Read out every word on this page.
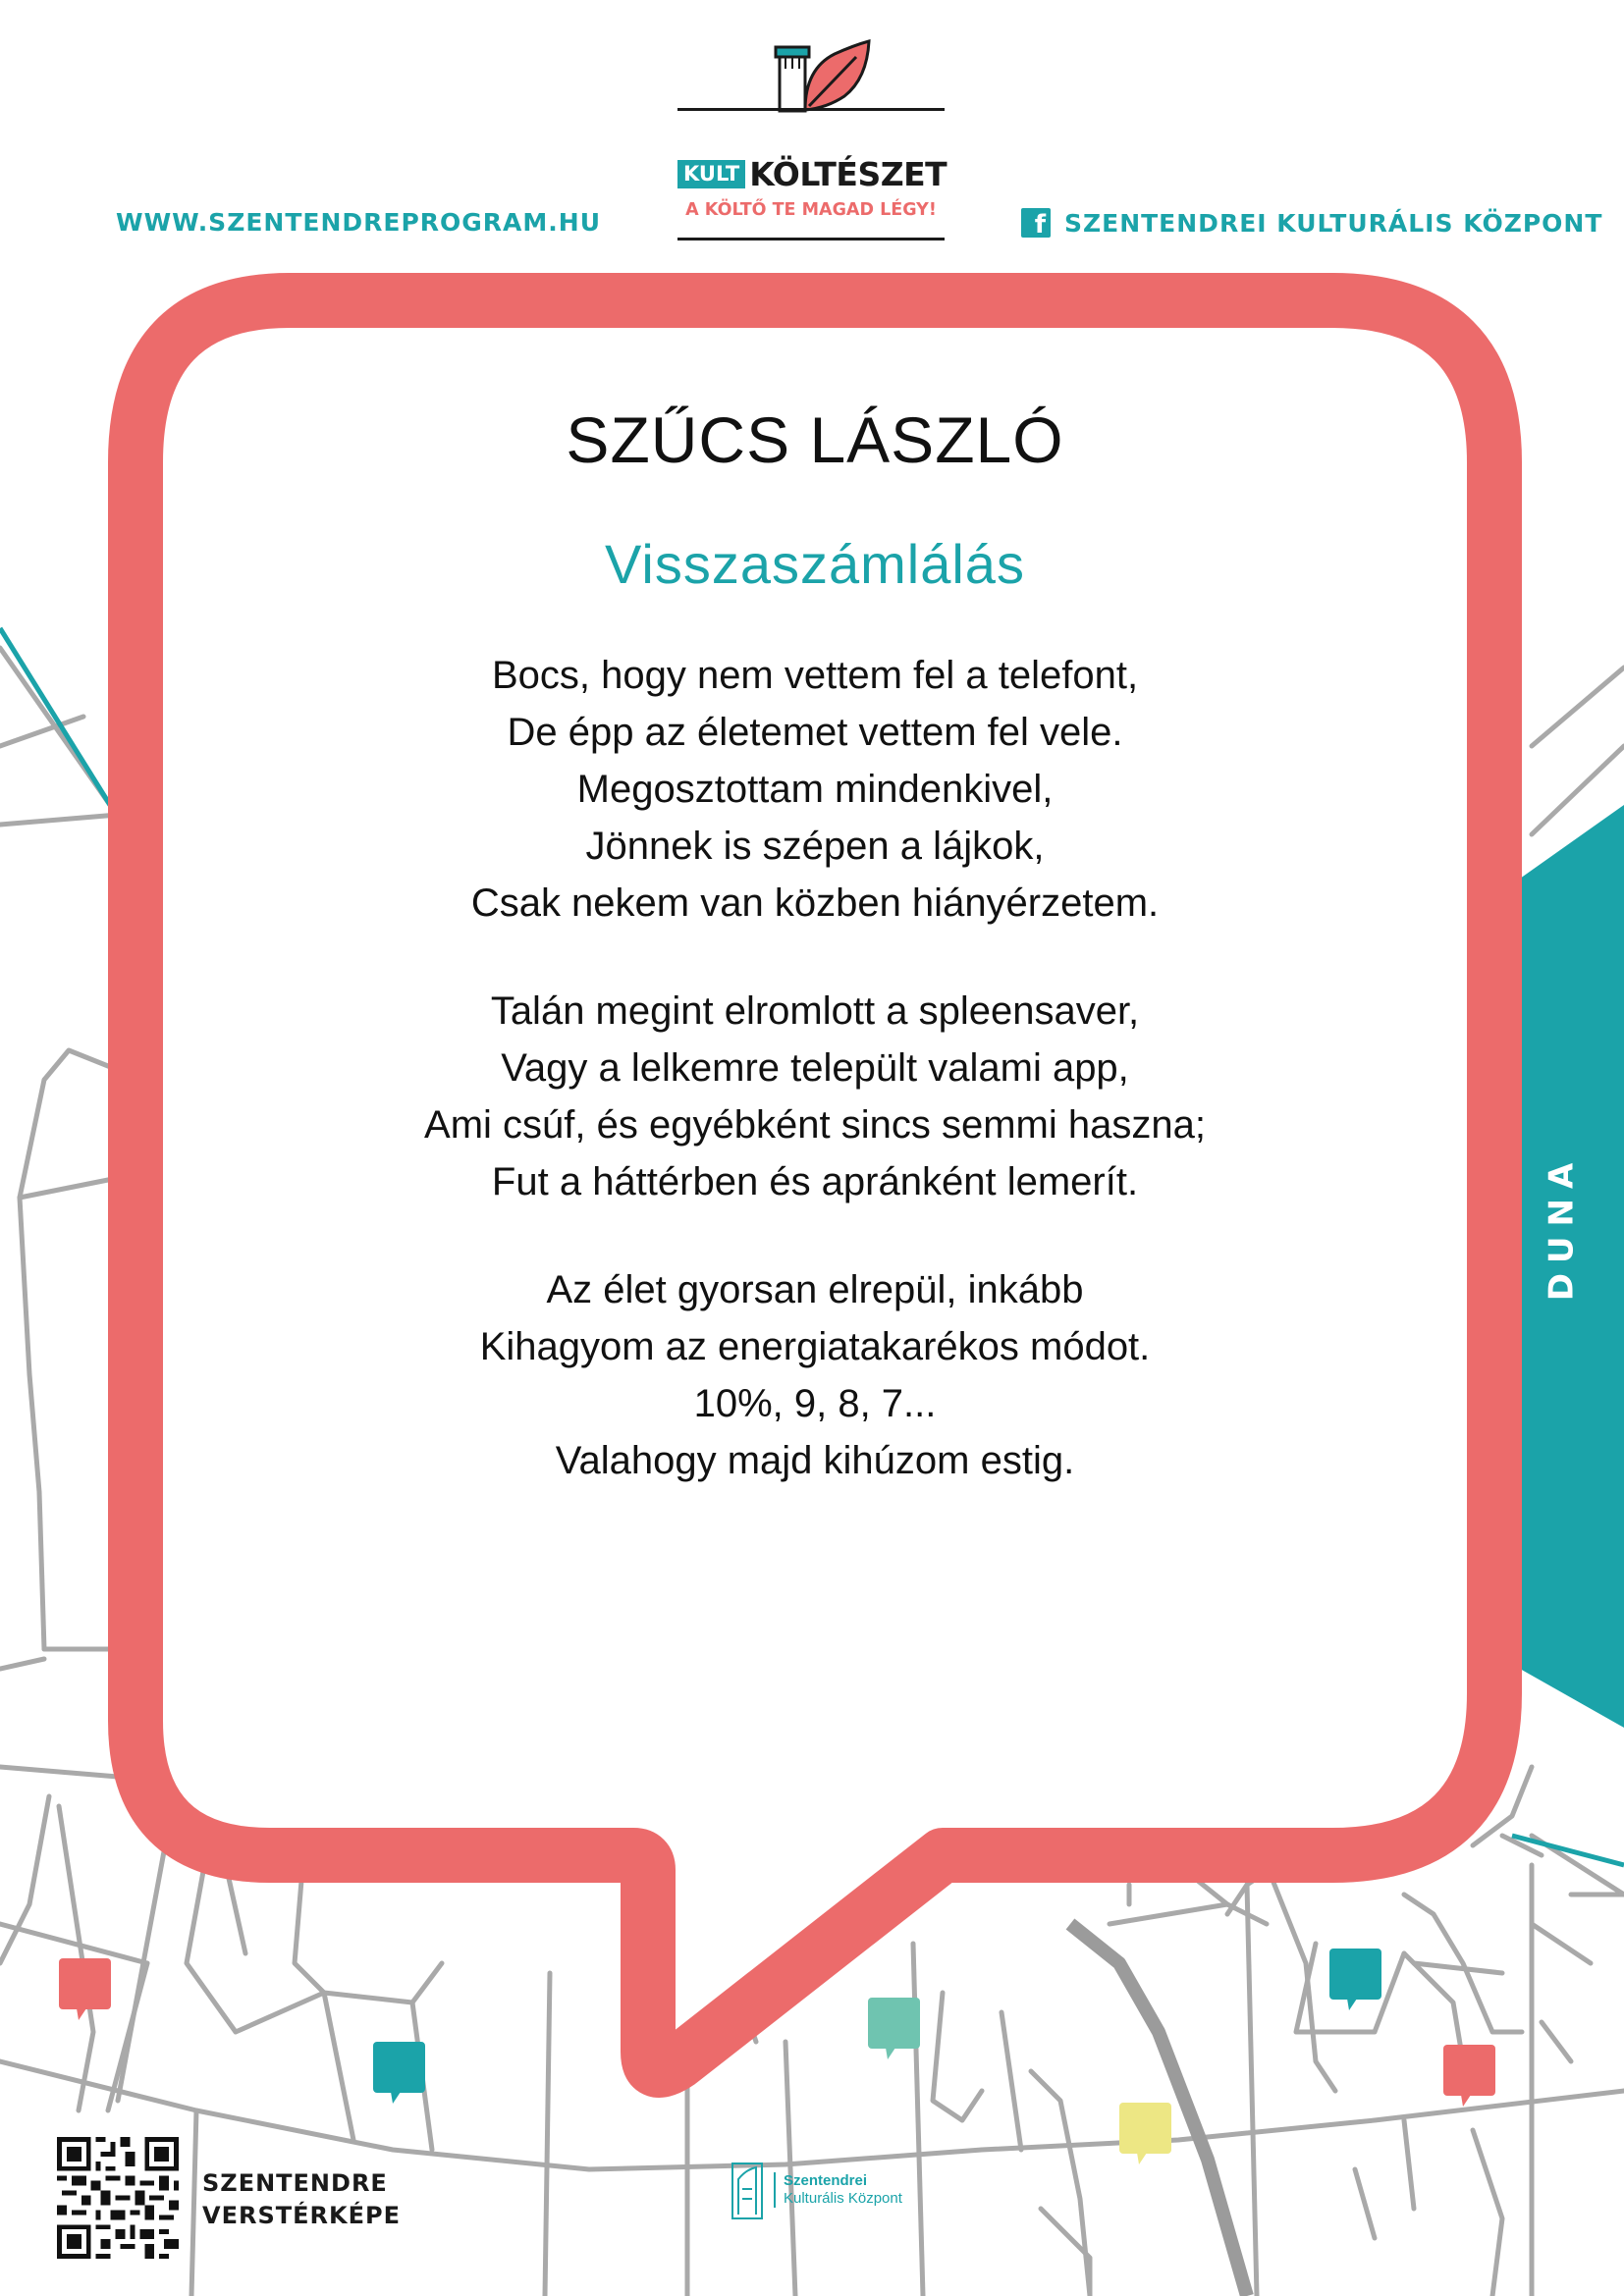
WWW.SZENTENDREPROGRAM.HU	f SZENTENDREI KULTURÁLIS KÖZPONT
KULT KÖLTÉSZET
A KÖLTŐ TE MAGAD LÉGY!
SZŰCS LÁSZLÓ
Visszaszámlálás
Bocs, hogy nem vettem fel a telefont,
De épp az életemet vettem fel vele.
Megosztottam mindenkivel,
Jönnek is szépen a lájkok,
Csak nekem van közben hiányérzetem.
Talán megint elromlott a spleensaver,
Vagy a lelkemre települt valami app,
Ami csúf, és egyébként sincs semmi haszna;
Fut a háttérben és apránként lemerít.
Az élet gyorsan elrepül, inkább
Kihagyom az energiatakarékos módot.
10%, 9, 8, 7...
Valahogy majd kihúzom estig.
DUNA
SZENTENDRE
VERSTÉRKÉPE
Szentendrei
Kulturális Központ
